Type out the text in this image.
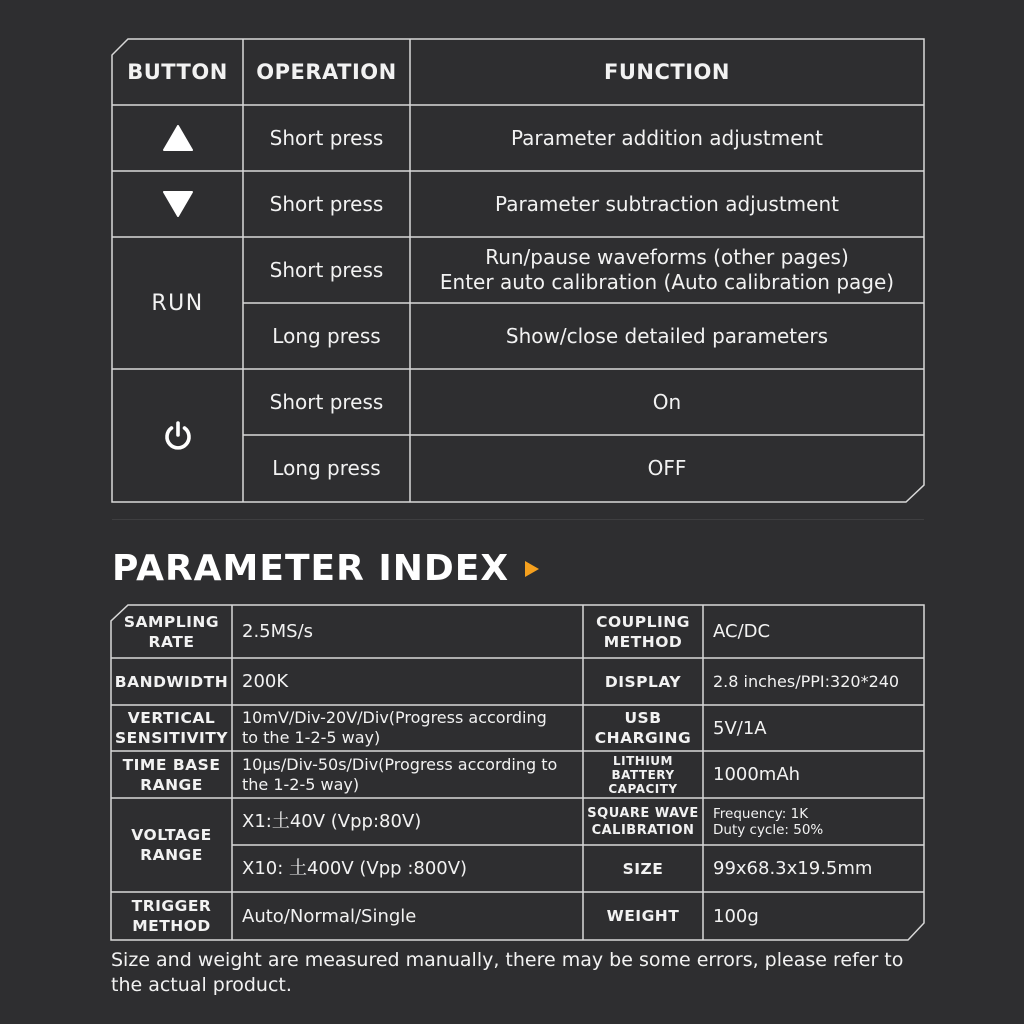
BUTTON	OPERATION	FUNCTION
RUN
Short press
Short press
Short press
Long press
Short press
Long press
Parameter addition adjustment
Parameter subtraction adjustment
Run/pause waveforms (other pages)
Enter auto calibration (Auto calibration page)
Show/close detailed parameters
On
OFF
PARAMETER INDEX
SAMPLING
RATE
BANDWIDTH
VERTICAL
SENSITIVITY
TIME BASE
RANGE
VOLTAGE
RANGE
TRIGGER
METHOD
2.5MS/s
200K
10mV/Div-20V/Div(Progress according
to the 1-2-5 way)
10μs/Div-50s/Div(Progress according to
the 1-2-5 way)
X1:土40V (Vpp:80V)
X10: 土400V (Vpp :800V)
Auto/Normal/Single
COUPLING
METHOD
DISPLAY
USB
CHARGING
LITHIUM BATTERY
CAPACITY
SQUARE WAVE
CALIBRATION
SIZE
WEIGHT
AC/DC
2.8 inches/PPI:320*240
5V/1A
1000mAh
Frequency: 1K
Duty cycle: 50%
99x68.3x19.5mm
100g
Size and weight are measured manually, there may be some errors, please refer to the actual product.
